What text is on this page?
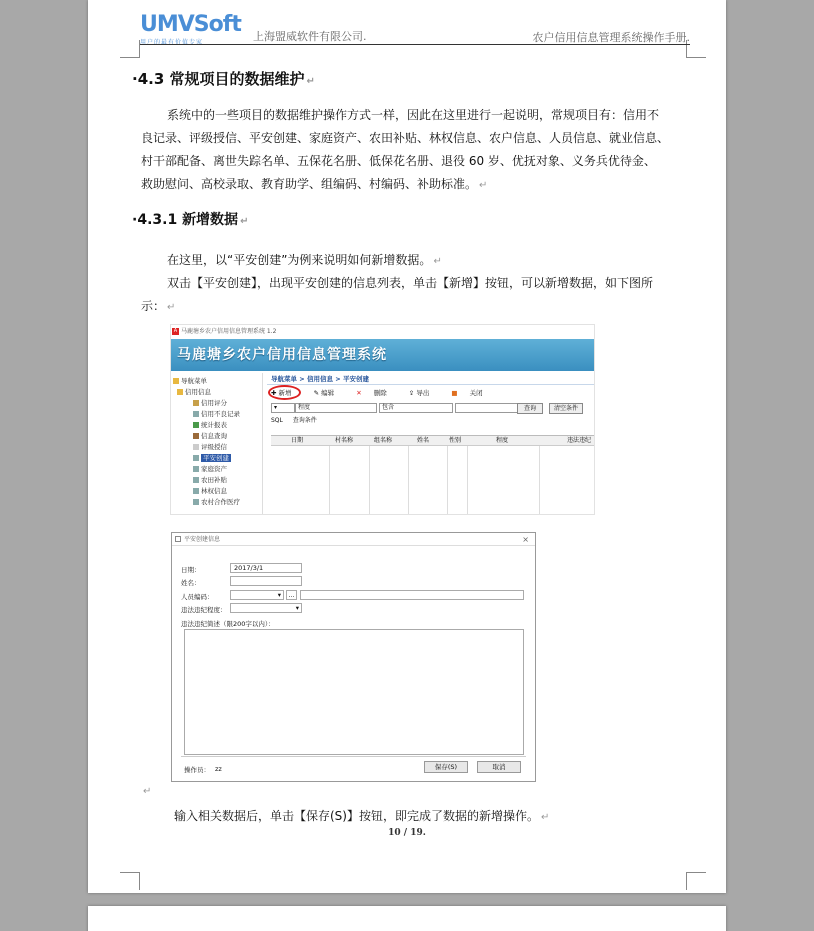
UMVSoft
用户的最有价值专家	上海盟威软件有限公司.	农户信用信息管理系统操作手册.
·4.3 常规项目的数据维护 ↵
系统中的一些项目的数据维护操作方式一样，因此在这里进行一起说明，常规项目有：信用不
良记录、评级授信、平安创建、家庭资产、农田补贴、林权信息、农户信息、人员信息、就业信息、
村干部配备、离世失踪名单、五保花名册、低保花名册、退役 60 岁、优抚对象、义务兵优待金、
救助慰问、高校录取、教育助学、组编码、村编码、补助标准。 ↵
·4.3.1 新增数据 ↵
在这里，以“平安创建”为例来说明如何新增数据。 ↵
双击【平安创建】，出现平安创建的信息列表，单击【新增】按钮，可以新增数据，如下图所
示： ↵
A 马鹿塘乡农户信用信息管理系统 1.2
马鹿塘乡农户信用信息管理系统
导航菜单
信用信息
信用评分
信用不良记录
统计报表
信息查询
评级授信
平安创建
家庭资产
农田补贴
林权信息
农村合作医疗
导航菜单 > 信用信息 > 平安创建
✚ 新增	✎ 编辑	✕ 删除	⇪ 导出	■ 关闭
▾	程度	包含	查询	清空条件
SQL 查询条件
日期	村名称	组名称	姓名	性别	程度	违法违纪
平安创建信息	×
日期：	2017/3/1
姓名：
人员编码：	▾	…
违法违纪程度：	▾
违法违纪简述（限200字以内）：
操作员： zz	保存(S)	取消
↵
输入相关数据后，单击【保存(S)】按钮，即完成了数据的新增操作。 ↵
10 / 19.
